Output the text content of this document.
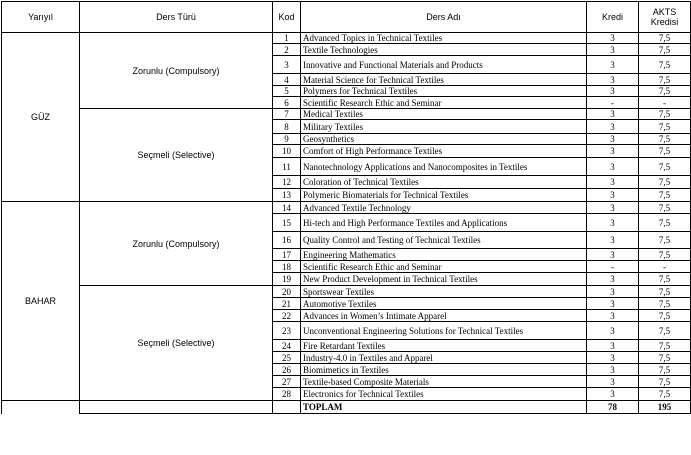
Yarıyıl	Ders Türü	Kod	Ders Adı	Kredi	AKTS
Kredisi
GÜZ	Zorunlu (Compulsory)	1	Advanced Topics in Technical Textiles	3	7,5
		2	Textile Technologies	3	7,5
		3	Innovative and Functional Materials and Products	3	7,5
		4	Material Science for Technical Textiles	3	7,5
		5	Polymers for Technical Textiles	3	7,5
		6	Scientific Research Ethic and Seminar	-	-
	Seçmeli (Selective)	7	Medical Textiles	3	7,5
		8	Military Textiles	3	7,5
		9	Geosynthetics	3	7,5
		10	Comfort of High Performance Textiles	3	7,5
		11	Nanotechnology Applications and Nanocomposites in Textiles	3	7,5
		12	Coloration of Technical Textiles	3	7,5
		13	Polymeric Biomaterials for Technical Textiles	3	7,5
BAHAR	Zorunlu (Compulsory)	14	Advanced Textile Technology	3	7,5
		15	Hi-tech and High Performance Textiles and Applications	3	7,5
		16	Quality Control and Testing of Technical Textiles	3	7,5
		17	Engineering Mathematics	3	7,5
		18	Scientific Research Ethic and Seminar	-	-
		19	New Product Development in Technical Textiles	3	7,5
	Seçmeli (Selective)	20	Sportswear Textiles	3	7,5
		21	Automotive Textiles	3	7,5
		22	Advances in Women’s Intimate Apparel	3	7,5
		23	Unconventional Engineering Solutions for Technical Textiles	3	7,5
		24	Fire Retardant Textiles	3	7,5
		25	Industry-4.0 in Textiles and Apparel	3	7,5
		26	Biomimetics in Textiles	3	7,5
		27	Textile-based Composite Materials	3	7,5
		28	Electronics for Technical Textiles	3	7,5
			TOPLAM	78	195
